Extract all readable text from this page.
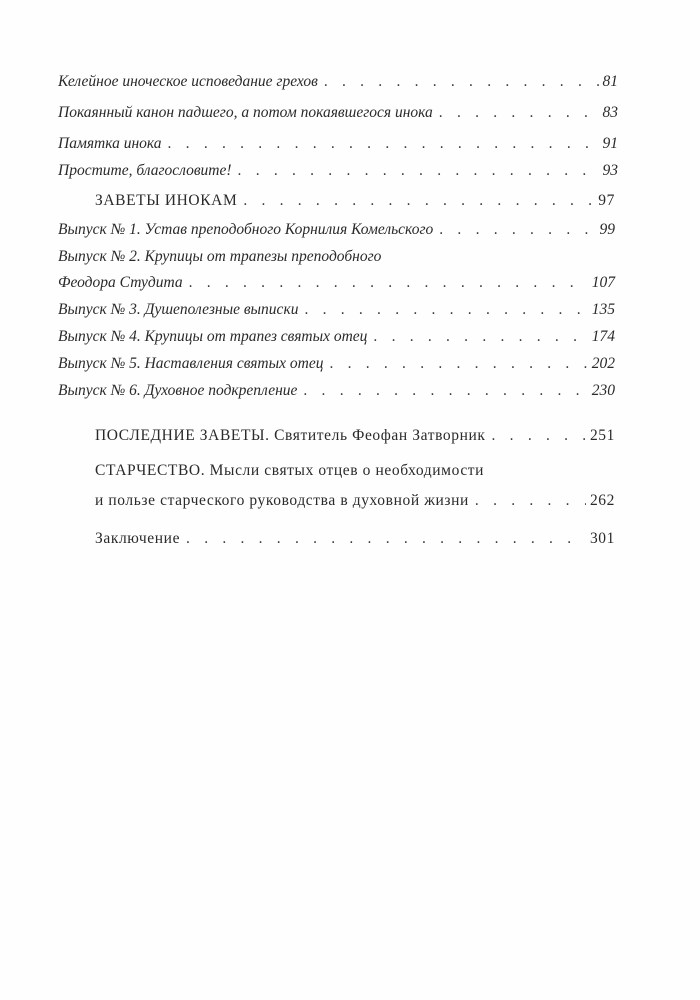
Келейное иноческое исповедание грехов . . .	81
Покаянный канон падшего, а потом покаявшегося инока . . .	83
Памятка инока . . .	91
Простите, благословите! . . .	93
ЗАВЕТЫ ИНОКАМ . . .	97
Выпуск № 1. Устав преподобного Корнилия Комельского . . .	99
Выпуск № 2. Крупицы от трапезы преподобного
Феодора Студита . . .	107
Выпуск № 3. Душеполезные выписки . . .	135
Выпуск № 4. Крупицы от трапез святых отец . . .	174
Выпуск № 5. Наставления святых отец . . .	202
Выпуск № 6. Духовное подкрепление . . .	230
ПОСЛЕДНИЕ ЗАВЕТЫ. Святитель Феофан Затворник . . .	251
СТАРЧЕСТВО. Мысли святых отцев о необходимости
и пользе старческого руководства в духовной жизни . . .	262
Заключение . . .	301
